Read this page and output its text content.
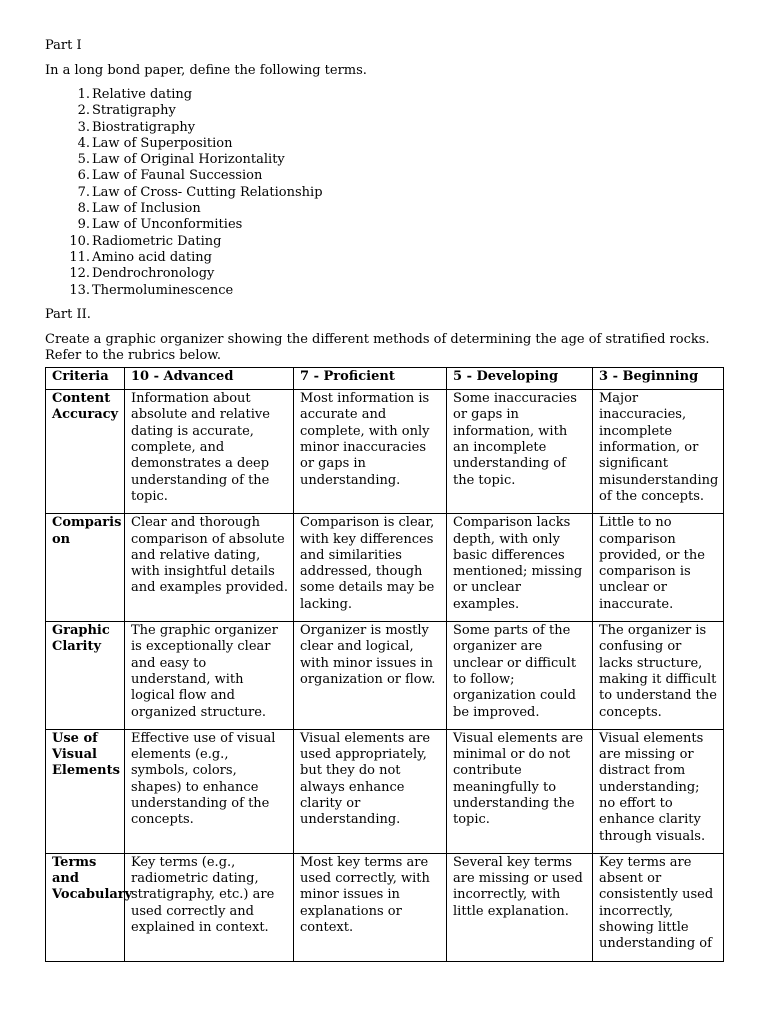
Part I

In a long bond paper, define the following terms.

1. Relative dating
2. Stratigraphy
3. Biostratigraphy
4. Law of Superposition
5. Law of Original Horizontality
6. Law of Faunal Succession
7. Law of Cross- Cutting Relationship
8. Law of Inclusion
9. Law of Unconformities
10. Radiometric Dating
11. Amino acid dating
12. Dendrochronology
13. Thermoluminescence

Part II.

Create a graphic organizer showing the different methods of determining the age of stratified rocks. Refer to the rubrics below.

Criteria	10 - Advanced	7 - Proficient	5 - Developing	3 - Beginning
Content Accuracy	Information about absolute and relative dating is accurate, complete, and demonstrates a deep understanding of the topic.	Most information is accurate and complete, with only minor inaccuracies or gaps in understanding.	Some inaccuracies or gaps in information, with an incomplete understanding of the topic.	Major inaccuracies, incomplete information, or significant misunderstanding of the concepts.
Comparis on	Clear and thorough comparison of absolute and relative dating, with insightful details and examples provided.	Comparison is clear, with key differences and similarities addressed, though some details may be lacking.	Comparison lacks depth, with only basic differences mentioned; missing or unclear examples.	Little to no comparison provided, or the comparison is unclear or inaccurate.
Graphic Clarity	The graphic organizer is exceptionally clear and easy to understand, with logical flow and organized structure.	Organizer is mostly clear and logical, with minor issues in organization or flow.	Some parts of the organizer are unclear or difficult to follow; organization could be improved.	The organizer is confusing or lacks structure, making it difficult to understand the concepts.
Use of Visual Elements	Effective use of visual elements (e.g., symbols, colors, shapes) to enhance understanding of the concepts.	Visual elements are used appropriately, but they do not always enhance clarity or understanding.	Visual elements are minimal or do not contribute meaningfully to understanding the topic.	Visual elements are missing or distract from understanding; no effort to enhance clarity through visuals.
Terms and Vocabulary	Key terms (e.g., radiometric dating, stratigraphy, etc.) are used correctly and explained in context.	Most key terms are used correctly, with minor issues in explanations or context.	Several key terms are missing or used incorrectly, with little explanation.	Key terms are absent or consistently used incorrectly, showing little understanding of
